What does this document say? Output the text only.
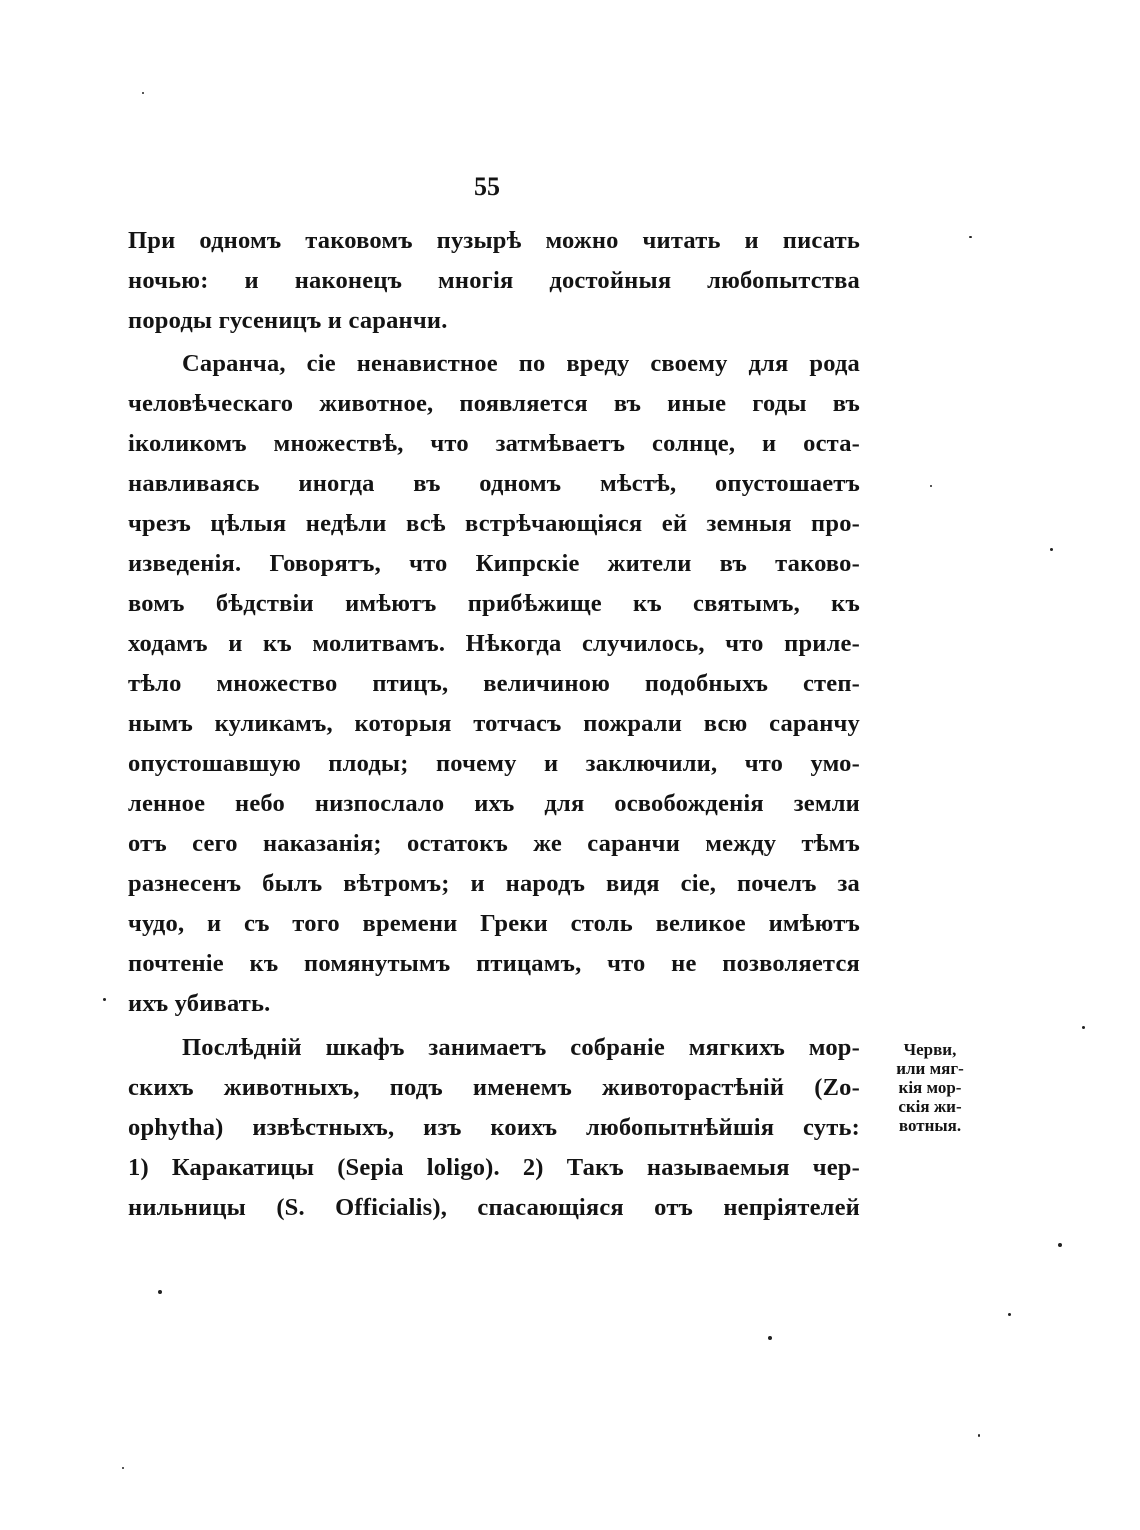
55
При одномъ таковомъ пузырѣ можно читать и писать
ночью: и наконецъ многія достойныя любопытства
породы гусеницъ и саранчи.
Саранча, сіе ненавистное по вреду своему для рода
человѣческаго животное, появляется въ иные годы въ
іколикомъ множествѣ, что затмѣваетъ солнце, и оста-
навливаясь иногда въ одномъ мѣстѣ, опустошаетъ
чрезъ цѣлыя недѣли всѣ встрѣчающіяся ей земныя про-
изведенія. Говорятъ, что Кипрскіе жители въ таково-
вомъ бѣдствіи имѣютъ прибѣжище къ святымъ, къ
ходамъ и къ молитвамъ. Нѣкогда случилось, что приле-
тѣло множество птицъ, величиною подобныхъ степ-
нымъ куликамъ, которыя тотчасъ пожрали всю саранчу
опустошавшую плоды; почему и заключили, что умо-
ленное небо низпослало ихъ для освобожденія земли
отъ сего наказанія; остатокъ же саранчи между тѣмъ
разнесенъ былъ вѣтромъ; и народъ видя сіе, почелъ за
чудо, и съ того времени Греки столь великое имѣютъ
почтеніе къ помянутымъ птицамъ, что не позволяется
ихъ убивать.
Послѣдній шкафъ занимаетъ собраніе мягкихъ мор-
скихъ животныхъ, подъ именемъ животорастѣній (Zo-
ophytha) извѣстныхъ, изъ коихъ любопытнѣйшія суть:
1) Каракатицы (Sepia loligo). 2) Такъ называемыя чер-
нильницы (S. Officialis), спасающіяся отъ непріятелей
Черви,
или мяг-
кія мор-
скія жи-
вотныя.
